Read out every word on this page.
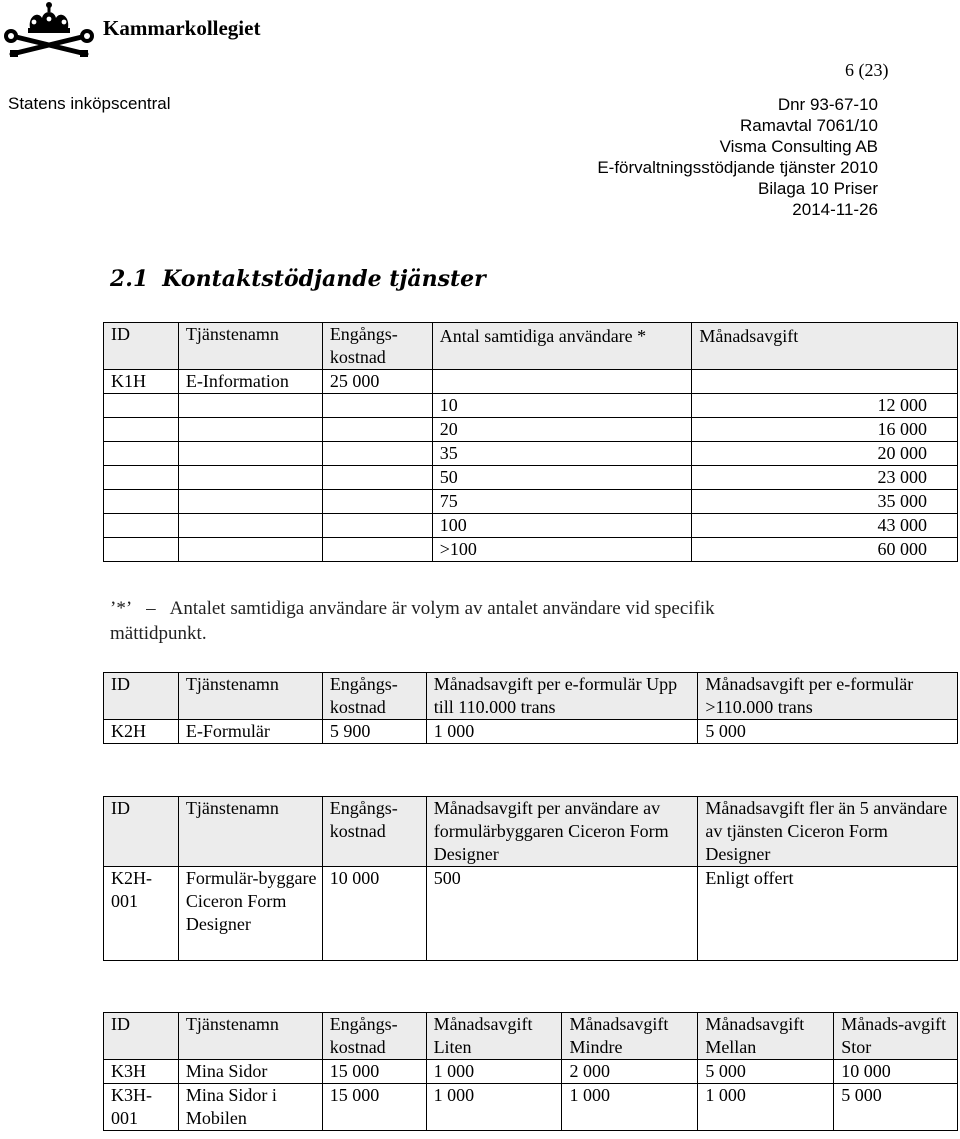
Kammarkollegiet
6 (23)
Statens inköpscentral	Dnr 93-67-10
Ramavtal 7061/10
Visma Consulting AB
E-förvaltningsstödjande tjänster 2010
Bilaga 10 Priser
2014-11-26
2.1 Kontaktstödjande tjänster
ID	Tjänstenamn	Engångs-kostnad	Antal samtidiga användare *	Månadsavgift
K1H	E-Information	25 000		
			10	12 000
			20	16 000
			35	20 000
			50	23 000
			75	35 000
			100	43 000
			>100	60 000
’*’ – Antalet samtidiga användare är volym av antalet användare vid specifik mättidpunkt.
ID	Tjänstenamn	Engångs-kostnad	Månadsavgift per e-formulär Upp till 110.000 trans	Månadsavgift per e-formulär >110.000 trans
K2H	E-Formulär	5 900	1 000	5 000
ID	Tjänstenamn	Engångs-kostnad	Månadsavgift per användare av formulärbyggaren Ciceron Form Designer	Månadsavgift fler än 5 användare av tjänsten Ciceron Form Designer
K2H-001	Formulär-byggare Ciceron Form Designer	10 000	500	Enligt offert
ID	Tjänstenamn	Engångs-kostnad	Månadsavgift Liten	Månadsavgift Mindre	Månadsavgift Mellan	Månads-avgift Stor
K3H	Mina Sidor	15 000	1 000	2 000	5 000	10 000
K3H-001	Mina Sidor i Mobilen	15 000	1 000	1 000	1 000	5 000
